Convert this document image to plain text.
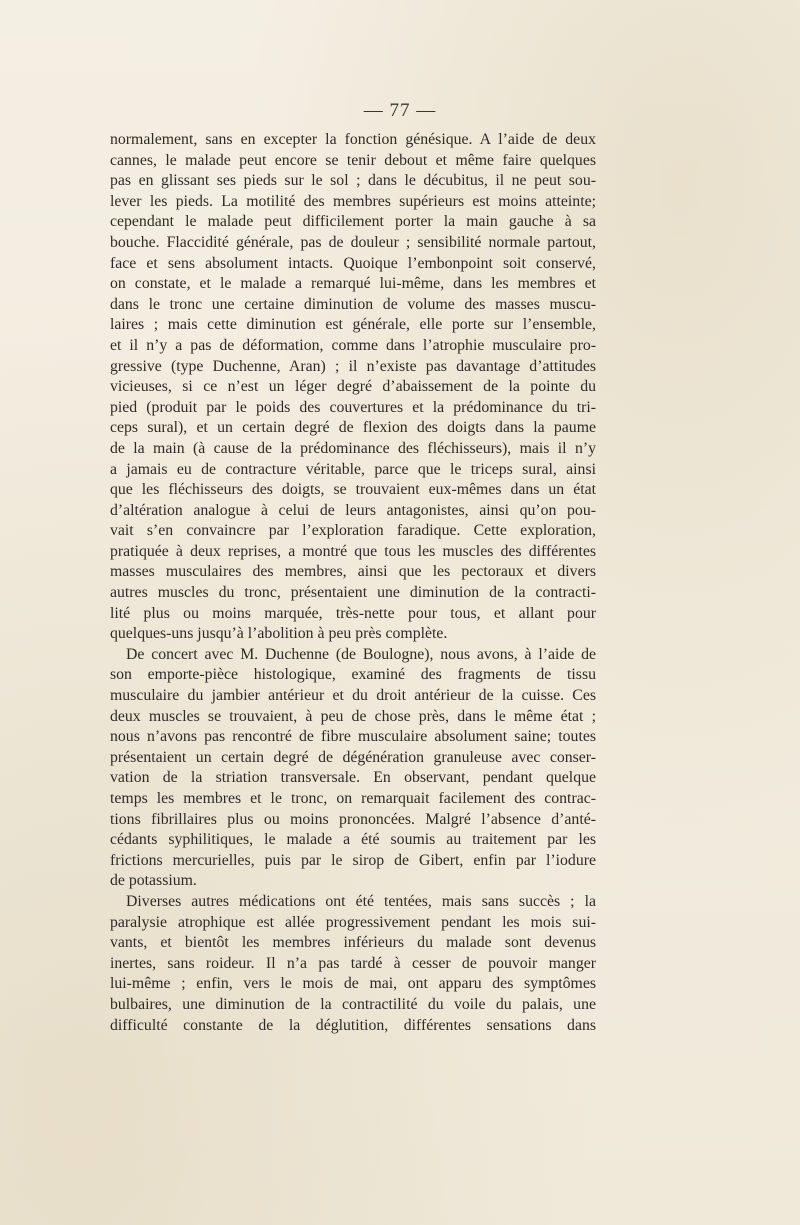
— 77 —
normalement, sans en excepter la fonction génésique. A l’aide de deux
cannes, le malade peut encore se tenir debout et même faire quelques
pas en glissant ses pieds sur le sol ; dans le décubitus, il ne peut sou-
lever les pieds. La motilité des membres supérieurs est moins atteinte;
cependant le malade peut difficilement porter la main gauche à sa
bouche. Flaccidité générale, pas de douleur ; sensibilité normale partout,
face et sens absolument intacts. Quoique l’embonpoint soit conservé,
on constate, et le malade a remarqué lui-même, dans les membres et
dans le tronc une certaine diminution de volume des masses muscu-
laires ; mais cette diminution est générale, elle porte sur l’ensemble,
et il n’y a pas de déformation, comme dans l’atrophie musculaire pro-
gressive (type Duchenne, Aran) ; il n’existe pas davantage d’attitudes
vicieuses, si ce n’est un léger degré d’abaissement de la pointe du
pied (produit par le poids des couvertures et la prédominance du tri-
ceps sural), et un certain degré de flexion des doigts dans la paume
de la main (à cause de la prédominance des fléchisseurs), mais il n’y
a jamais eu de contracture véritable, parce que le triceps sural, ainsi
que les fléchisseurs des doigts, se trouvaient eux-mêmes dans un état
d’altération analogue à celui de leurs antagonistes, ainsi qu’on pou-
vait s’en convaincre par l’exploration faradique. Cette exploration,
pratiquée à deux reprises, a montré que tous les muscles des différentes
masses musculaires des membres, ainsi que les pectoraux et divers
autres muscles du tronc, présentaient une diminution de la contracti-
lité plus ou moins marquée, très-nette pour tous, et allant pour
quelques-uns jusqu’à l’abolition à peu près complète.
De concert avec M. Duchenne (de Boulogne), nous avons, à l’aide de
son emporte-pièce histologique, examiné des fragments de tissu
musculaire du jambier antérieur et du droit antérieur de la cuisse. Ces
deux muscles se trouvaient, à peu de chose près, dans le même état ;
nous n’avons pas rencontré de fibre musculaire absolument saine; toutes
présentaient un certain degré de dégénération granuleuse avec conser-
vation de la striation transversale. En observant, pendant quelque
temps les membres et le tronc, on remarquait facilement des contrac-
tions fibrillaires plus ou moins prononcées. Malgré l’absence d’anté-
cédants syphilitiques, le malade a été soumis au traitement par les
frictions mercurielles, puis par le sirop de Gibert, enfin par l’iodure
de potassium.
Diverses autres médications ont été tentées, mais sans succès ; la
paralysie atrophique est allée progressivement pendant les mois sui-
vants, et bientôt les membres inférieurs du malade sont devenus
inertes, sans roideur. Il n’a pas tardé à cesser de pouvoir manger
lui-même ; enfin, vers le mois de mai, ont apparu des symptômes
bulbaires, une diminution de la contractilité du voile du palais, une
difficulté constante de la déglutition, différentes sensations dans
